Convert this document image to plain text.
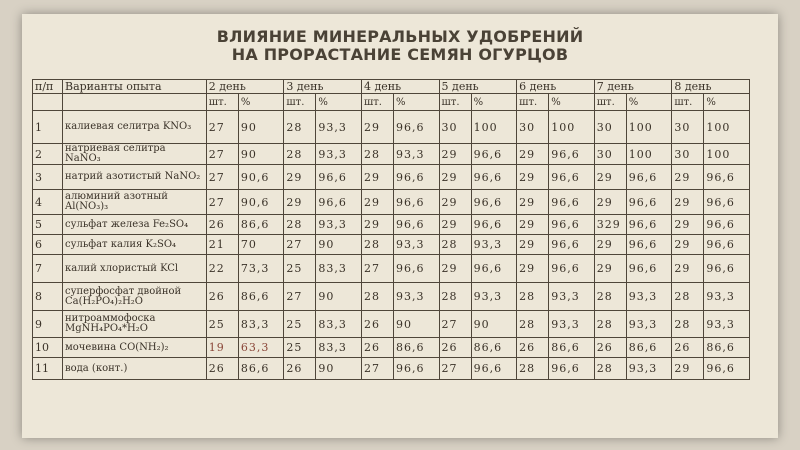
ВЛИЯНИЕ МИНЕРАЛЬНЫХ УДОБРЕНИЙ
НА ПРОРАСТАНИЕ СЕМЯН ОГУРЦОВ
п/п	Варианты опыта	2 день		3 день		4 день		5 день		6 день		7 день		8 день	
		шт.	%	шт.	%	шт.	%	шт.	%	шт.	%	шт.	%	шт.	%
1	калиевая селитра KNO₃	27	90	28	93,3	29	96,6	30	100	30	100	30	100	30	100
2	натриевая селитра NaNO₃	27	90	28	93,3	28	93,3	29	96,6	29	96,6	30	100	30	100
3	натрий азотистый NaNO₂	27	90,6	29	96,6	29	96,6	29	96,6	29	96,6	29	96,6	29	96,6
4	алюминий азотный Al(NO₃)₃	27	90,6	29	96,6	29	96,6	29	96,6	29	96,6	29	96,6	29	96,6
5	сульфат железа Fe₂SO₄	26	86,6	28	93,3	29	96,6	29	96,6	29	96,6	329	96,6	29	96,6
6	сульфат калия K₂SO₄	21	70	27	90	28	93,3	28	93,3	29	96,6	29	96,6	29	96,6
7	калий хлористый KCl	22	73,3	25	83,3	27	96,6	29	96,6	29	96,6	29	96,6	29	96,6
8	суперфосфат двойной Ca(H₂PO₄)₂H₂O	26	86,6	27	90	28	93,3	28	93,3	28	93,3	28	93,3	28	93,3
9	нитроаммофоска MgNH₄PO₄*H₂O	25	83,3	25	83,3	26	90	27	90	28	93,3	28	93,3	28	93,3
10	мочевина CO(NH₂)₂	19	63,3	25	83,3	26	86,6	26	86,6	26	86,6	26	86,6	26	86,6
11	вода (конт.)	26	86,6	26	90	27	96,6	27	96,6	28	96,6	28	93,3	29	96,6
